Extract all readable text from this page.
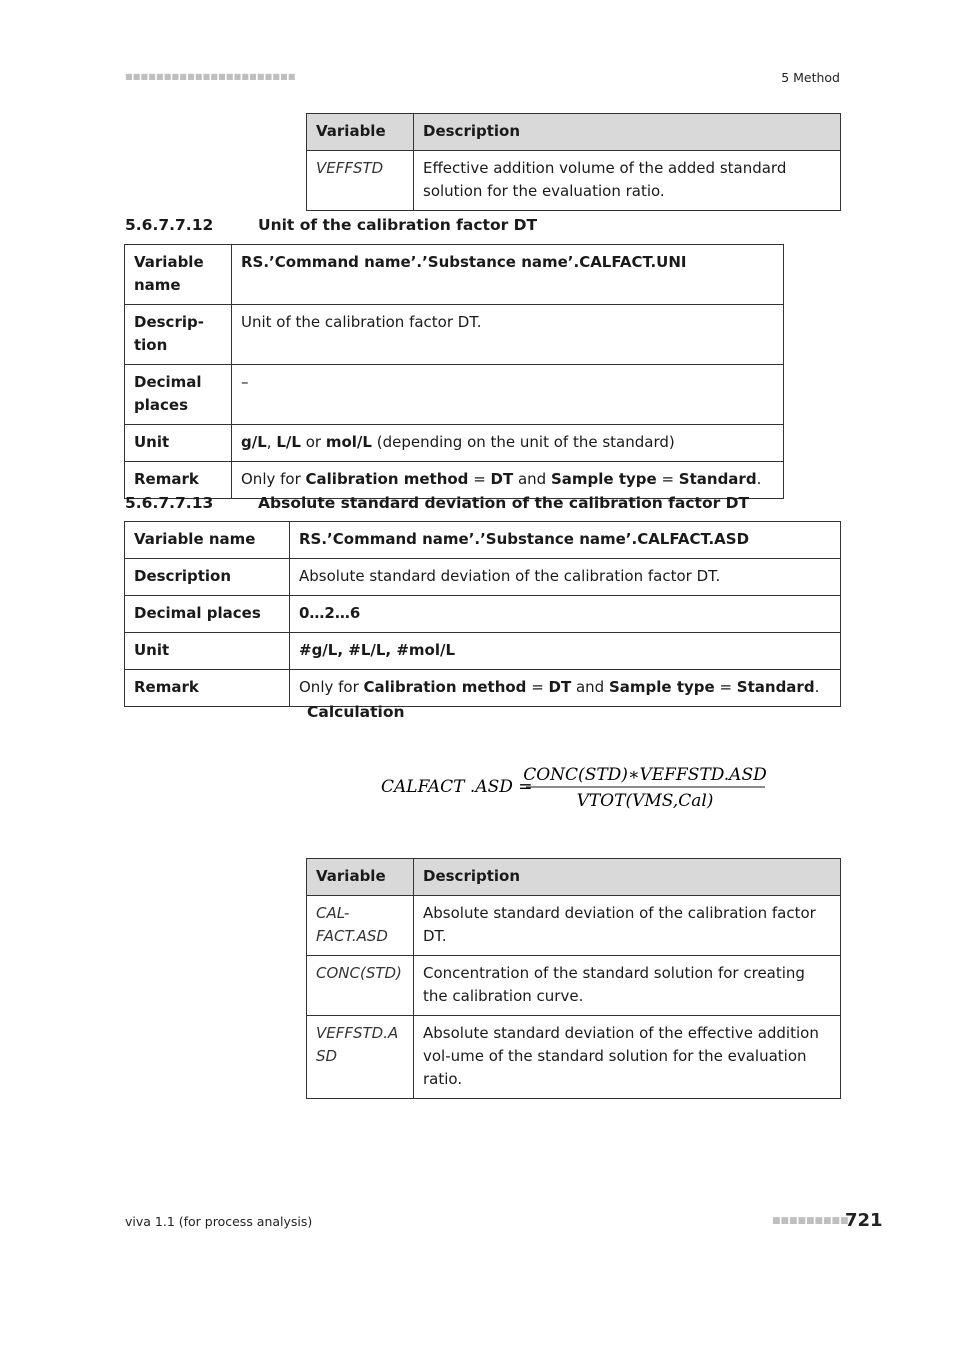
■■■■■■■■■■■■■■■■■■■■■■	5 Method
Variable	Description
VEFFSTD	Effective addition volume of the added standard solution for the evaluation ratio.
5.6.7.7.12	Unit of the calibration factor DT
Variable name	RS.’Command name’.’Substance name’.CALFACT.UNI
Descrip-tion	Unit of the calibration factor DT.
Decimal places	–
Unit	g/L, L/L or mol/L (depending on the unit of the standard)
Remark	Only for Calibration method = DT and Sample type = Standard.
5.6.7.7.13	Absolute standard deviation of the calibration factor DT
Variable name	RS.’Command name’.’Substance name’.CALFACT.ASD
Description	Absolute standard deviation of the calibration factor DT.
Decimal places	0…2…6
Unit	#g/L, #L/L, #mol/L
Remark	Only for Calibration method = DT and Sample type = Standard.
Calculation
CALFACT .ASD =
CONC(STD)∗VEFFSTD.ASD
VTOT(VMS,Cal)
Variable	Description
CAL-FACT.ASD	Absolute standard deviation of the calibration factor DT.
CONC(STD)	Concentration of the standard solution for creating the calibration curve.
VEFFSTD.ASD	Absolute standard deviation of the effective addition vol-ume of the standard solution for the evaluation ratio.
viva 1.1 (for process analysis)	■■■■■■■■■
721
